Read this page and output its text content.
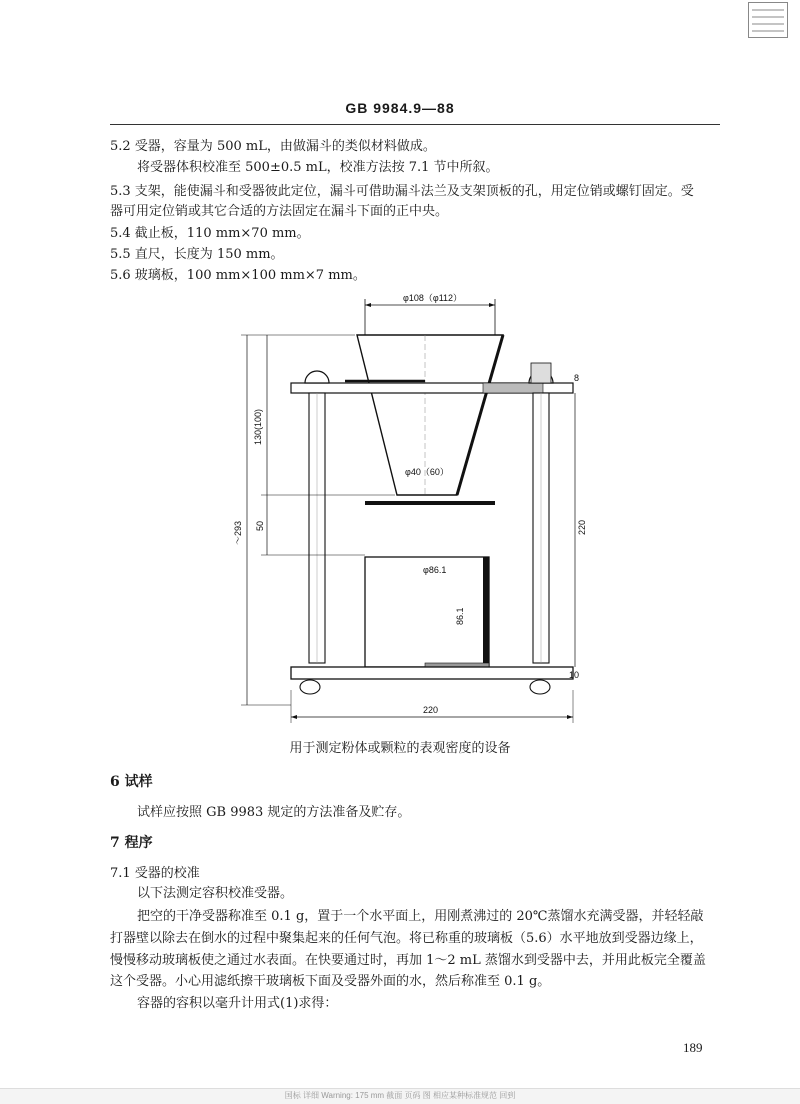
GB 9984.9—88
5.2 受器，容量为 500 mL，由做漏斗的类似材料做成。
将受器体积校准至 500±0.5 mL，校准方法按 7.1 节中所叙。
5.3 支架，能使漏斗和受器彼此定位，漏斗可借助漏斗法兰及支架顶板的孔，用定位销或螺钉固定。受
器可用定位销或其它合适的方法固定在漏斗下面的正中央。
5.4 截止板，110 mm×70 mm。
5.5 直尺，长度为 150 mm。
5.6 玻璃板，100 mm×100 mm×7 mm。
φ108（φ112）
φ40（60）
8
φ86.1
86.1
10
～293
130(100)
50	220
220
用于测定粉体或颗粒的表观密度的设备
6 试样
试样应按照 GB 9983 规定的方法准备及贮存。
7 程序
7.1 受器的校准
以下法测定容积校准受器。
把空的干净受器称准至 0.1 g，置于一个水平面上，用刚煮沸过的 20℃蒸馏水充满受器，并轻轻敲
打器壁以除去在倒水的过程中聚集起来的任何气泡。将已称重的玻璃板（5.6）水平地放到受器边缘上，
慢慢移动玻璃板使之通过水表面。在快要通过时，再加 1～2 mL 蒸馏水到受器中去，并用此板完全覆盖
这个受器。小心用滤纸擦干玻璃板下面及受器外面的水，然后称准至 0.1 g。
容器的容积以毫升计用式(1)求得：
189
国标 详细 Warning: 175 mm 截面 页码 图 相应某种标准规范 回到
